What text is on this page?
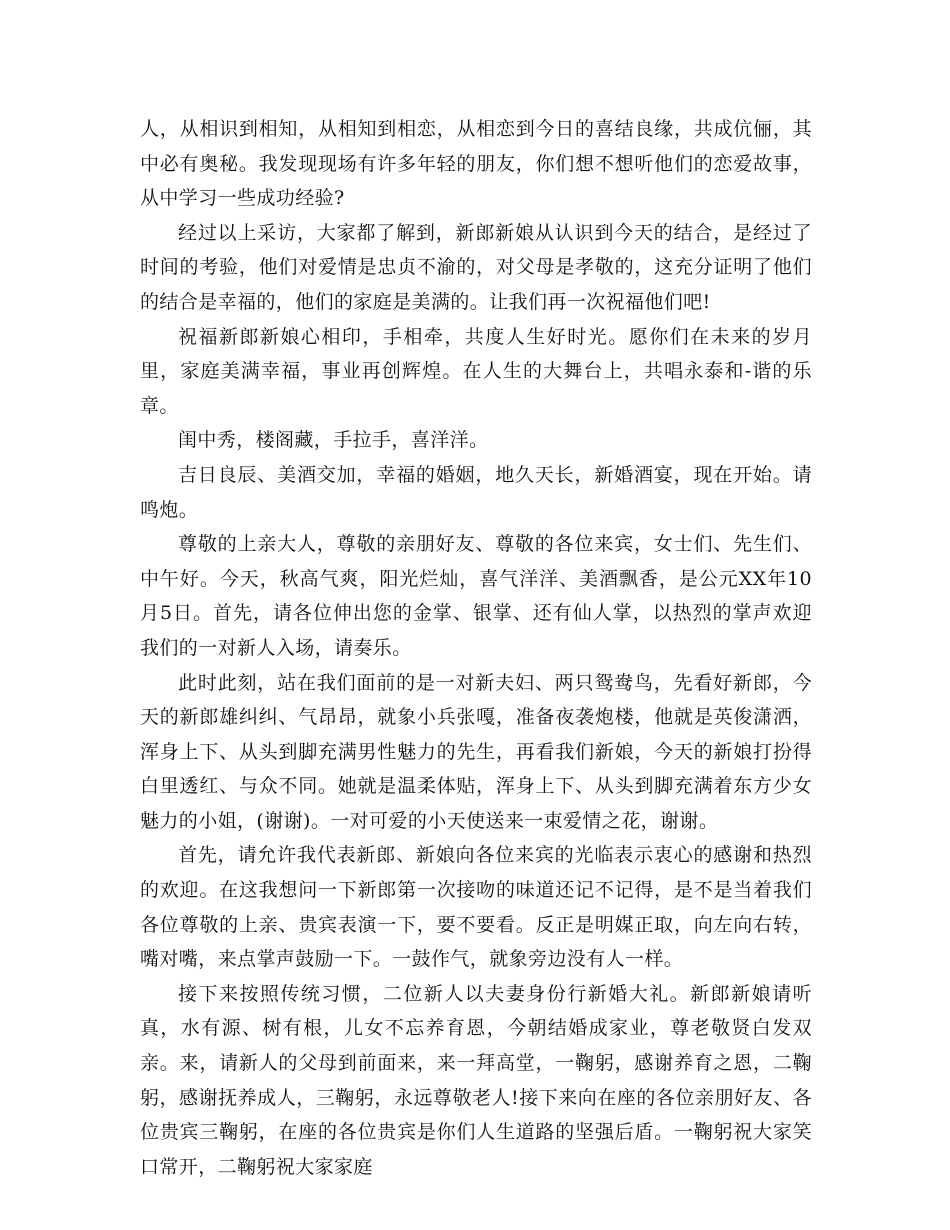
人，从相识到相知，从相知到相恋，从相恋到今日的喜结良缘，共成伉俪，其中必有奥秘。我发现现场有许多年轻的朋友，你们想不想听他们的恋爱故事，从中学习一些成功经验?

经过以上采访，大家都了解到，新郎新娘从认识到今天的结合，是经过了时间的考验，他们对爱情是忠贞不渝的，对父母是孝敬的，这充分证明了他们的结合是幸福的，他们的家庭是美满的。让我们再一次祝福他们吧!

祝福新郎新娘心相印，手相牵，共度人生好时光。愿你们在未来的岁月里，家庭美满幸福，事业再创辉煌。在人生的大舞台上，共唱永泰和-谐的乐章。

闺中秀，楼阁藏，手拉手，喜洋洋。

吉日良辰、美酒交加，幸福的婚姻，地久天长，新婚酒宴，现在开始。请鸣炮。

尊敬的上亲大人，尊敬的亲朋好友、尊敬的各位来宾，女士们、先生们、中午好。今天，秋高气爽，阳光烂灿，喜气洋洋、美酒飘香，是公元XX年10月5日。首先，请各位伸出您的金掌、银掌、还有仙人掌，以热烈的掌声欢迎我们的一对新人入场，请奏乐。

此时此刻，站在我们面前的是一对新夫妇、两只鸳鸯鸟，先看好新郎，今天的新郎雄纠纠、气昂昂，就象小兵张嘎，准备夜袭炮楼，他就是英俊潇洒，浑身上下、从头到脚充满男性魅力的先生，再看我们新娘，今天的新娘打扮得白里透红、与众不同。她就是温柔体贴，浑身上下、从头到脚充满着东方少女魅力的小姐，(谢谢)。一对可爱的小天使送来一束爱情之花，谢谢。

首先，请允许我代表新郎、新娘向各位来宾的光临表示衷心的感谢和热烈的欢迎。在这我想问一下新郎第一次接吻的味道还记不记得，是不是当着我们各位尊敬的上亲、贵宾表演一下，要不要看。反正是明媒正取，向左向右转，嘴对嘴，来点掌声鼓励一下。一鼓作气，就象旁边没有人一样。

接下来按照传统习惯，二位新人以夫妻身份行新婚大礼。新郎新娘请听真，水有源、树有根，儿女不忘养育恩，今朝结婚成家业，尊老敬贤白发双亲。来，请新人的父母到前面来，来一拜高堂，一鞠躬，感谢养育之恩，二鞠躬，感谢抚养成人，三鞠躬，永远尊敬老人!接下来向在座的各位亲朋好友、各位贵宾三鞠躬，在座的各位贵宾是你们人生道路的坚强后盾。一鞠躬祝大家笑口常开，二鞠躬祝大家家庭
